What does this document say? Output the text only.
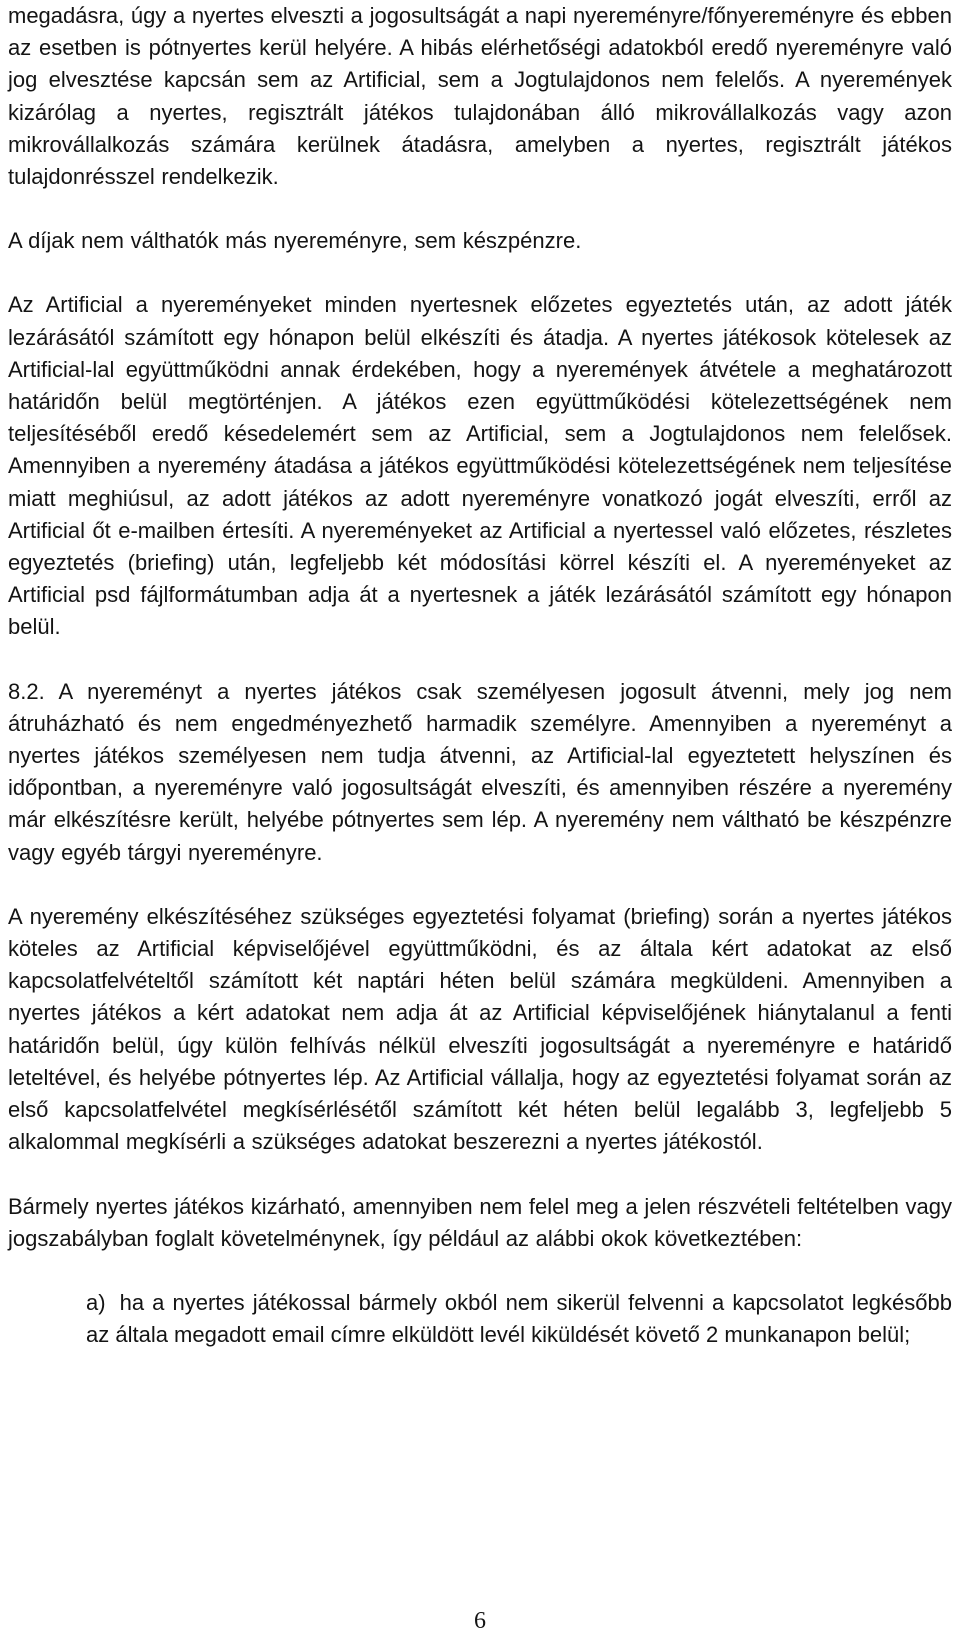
megadásra, úgy a nyertes elveszti a jogosultságát a napi nyereményre/főnyereményre és ebben az esetben is pótnyertes kerül helyére. A hibás elérhetőségi adatokból eredő nyereményre való jog elvesztése kapcsán sem az Artificial, sem a Jogtulajdonos nem felelős. A nyeremények kizárólag a nyertes, regisztrált játékos tulajdonában álló mikrovállalkozás vagy azon mikrovállalkozás számára kerülnek átadásra, amelyben a nyertes, regisztrált játékos tulajdonrésszel rendelkezik.

A díjak nem válthatók más nyereményre, sem készpénzre.

Az Artificial a nyereményeket minden nyertesnek előzetes egyeztetés után, az adott játék lezárásától számított egy hónapon belül elkészíti és átadja. A nyertes játékosok kötelesek az Artificial-lal együttműködni annak érdekében, hogy a nyeremények átvétele a meghatározott határidőn belül megtörténjen. A játékos ezen együttműködési kötelezettségének nem teljesítéséből eredő késedelemért sem az Artificial, sem a Jogtulajdonos nem felelősek. Amennyiben a nyeremény átadása a játékos együttműködési kötelezettségének nem teljesítése miatt meghiúsul, az adott játékos az adott nyereményre vonatkozó jogát elveszíti, erről az Artificial őt e-mailben értesíti. A nyereményeket az Artificial a nyertessel való előzetes, részletes egyeztetés (briefing) után, legfeljebb két módosítási körrel készíti el. A nyereményeket az Artificial psd fájlformátumban adja át a nyertesnek a játék lezárásától számított egy hónapon belül.

8.2. A nyereményt a nyertes játékos csak személyesen jogosult átvenni, mely jog nem átruházható és nem engedményezhető harmadik személyre. Amennyiben a nyereményt a nyertes játékos személyesen nem tudja átvenni, az Artificial-lal egyeztetett helyszínen és időpontban, a nyereményre való jogosultságát elveszíti, és amennyiben részére a nyeremény már elkészítésre került, helyébe pótnyertes sem lép. A nyeremény nem váltható be készpénzre vagy egyéb tárgyi nyereményre.

A nyeremény elkészítéséhez szükséges egyeztetési folyamat (briefing) során a nyertes játékos köteles az Artificial képviselőjével együttműködni, és az általa kért adatokat az első kapcsolatfelvételtől számított két naptári héten belül számára megküldeni. Amennyiben a nyertes játékos a kért adatokat nem adja át az Artificial képviselőjének hiánytalanul a fenti határidőn belül, úgy külön felhívás nélkül elveszíti jogosultságát a nyereményre e határidő leteltével, és helyébe pótnyertes lép. Az Artificial vállalja, hogy az egyeztetési folyamat során az első kapcsolatfelvétel megkísérlésétől számított két héten belül legalább 3, legfeljebb 5 alkalommal megkísérli a szükséges adatokat beszerezni a nyertes játékostól.

Bármely nyertes játékos kizárható, amennyiben nem felel meg a jelen részvételi feltételben vagy jogszabályban foglalt követelménynek, így például az alábbi okok következtében:

a) ha a nyertes játékossal bármely okból nem sikerül felvenni a kapcsolatot legkésőbb az általa megadott email címre elküldött levél kiküldését követő 2 munkanapon belül;

6
